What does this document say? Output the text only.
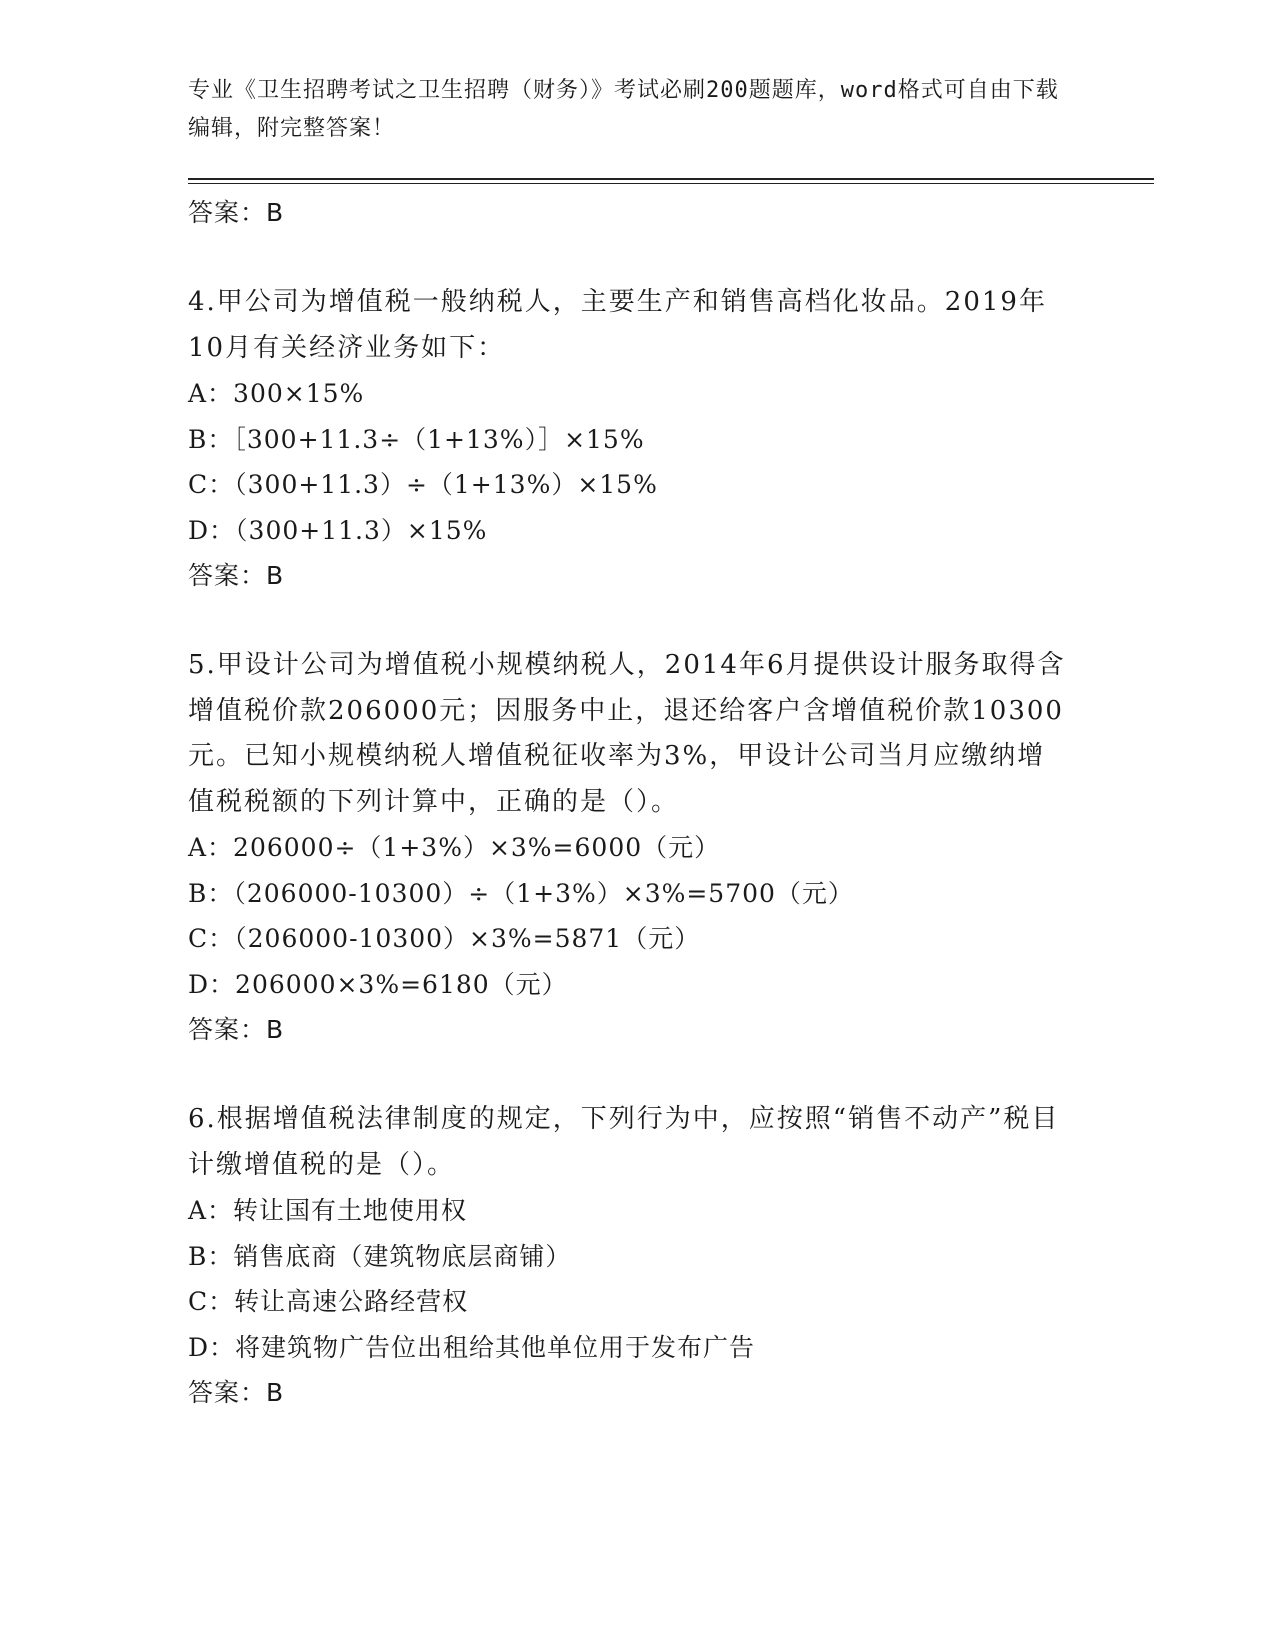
专业《卫生招聘考试之卫生招聘（财务）》考试必刷200题题库，word格式可自由下载编辑，附完整答案！
答案：B
4.甲公司为增值税一般纳税人，主要生产和销售高档化妆品。2019年10月有关经济业务如下：
A：300×15%
B：［300+11.3÷（1+13%）］×15%
C：（300+11.3）÷（1+13%）×15%
D：（300+11.3）×15%
答案：B
5.甲设计公司为增值税小规模纳税人，2014年6月提供设计服务取得含增值税价款206000元；因服务中止，退还给客户含增值税价款10300元。已知小规模纳税人增值税征收率为3%，甲设计公司当月应缴纳增值税税额的下列计算中，正确的是（）。
A：206000÷（1+3%）×3%=6000（元）
B：（206000-10300）÷（1+3%）×3%=5700（元）
C：（206000-10300）×3%=5871（元）
D：206000×3%=6180（元）
答案：B
6.根据增值税法律制度的规定，下列行为中，应按照“销售不动产”税目计缴增值税的是（）。
A：转让国有土地使用权
B：销售底商（建筑物底层商铺）
C：转让高速公路经营权
D：将建筑物广告位出租给其他单位用于发布广告
答案：B
